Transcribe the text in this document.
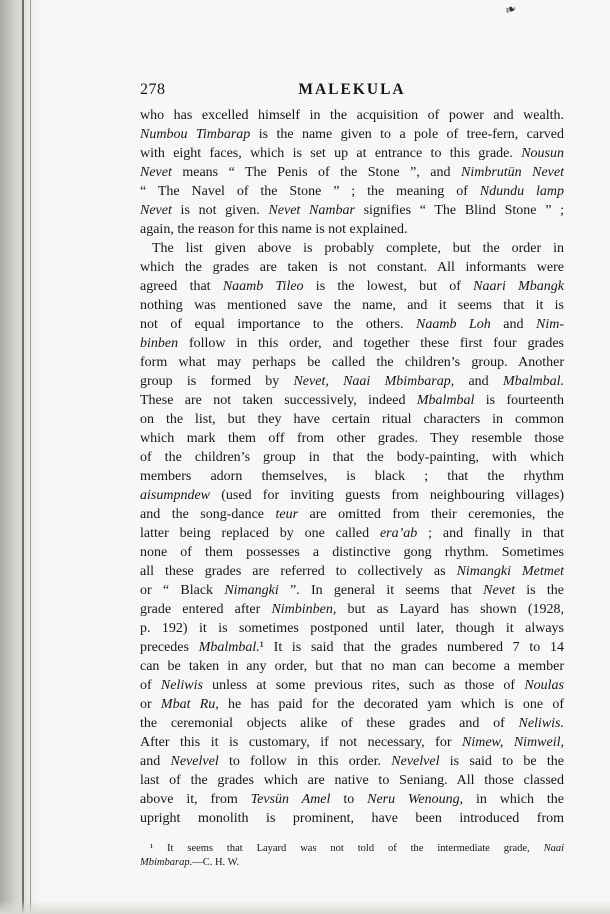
❧
278	MALEKULA
who has excelled himself in the acquisition of power and wealth.
Numbou Timbarap is the name given to a pole of tree-fern, carved
with eight faces, which is set up at entrance to this grade. Nousun
Nevet means “ The Penis of the Stone ”, and Nimbrutün Nevet
“ The Navel of the Stone ” ; the meaning of Ndundu lamp
Nevet is not given. Nevet Nambar signifies “ The Blind Stone ” ;
again, the reason for this name is not explained.
The list given above is probably complete, but the order in
which the grades are taken is not constant. All informants were
agreed that Naamb Tileo is the lowest, but of Naari Mbangk
nothing was mentioned save the name, and it seems that it is
not of equal importance to the others. Naamb Loh and Nim-
binben follow in this order, and together these first four grades
form what may perhaps be called the children’s group. Another
group is formed by Nevet, Naai Mbimbarap, and Mbalmbal.
These are not taken successively, indeed Mbalmbal is fourteenth
on the list, but they have certain ritual characters in common
which mark them off from other grades. They resemble those
of the children’s group in that the body-painting, with which
members adorn themselves, is black ; that the rhythm
aisumpndew (used for inviting guests from neighbouring villages)
and the song-dance teur are omitted from their ceremonies, the
latter being replaced by one called era’ab ; and finally in that
none of them possesses a distinctive gong rhythm. Sometimes
all these grades are referred to collectively as Nimangki Metmet
or “ Black Nimangki ”. In general it seems that Nevet is the
grade entered after Nimbinben, but as Layard has shown (1928,
p. 192) it is sometimes postponed until later, though it always
precedes Mbalmbal.¹ It is said that the grades numbered 7 to 14
can be taken in any order, but that no man can become a member
of Neliwis unless at some previous rites, such as those of Noulas
or Mbat Ru, he has paid for the decorated yam which is one of
the ceremonial objects alike of these grades and of Neliwis.
After this it is customary, if not necessary, for Nimew, Nimweil,
and Nevelvel to follow in this order. Nevelvel is said to be the
last of the grades which are native to Seniang. All those classed
above it, from Tevsün Amel to Neru Wenoung, in which the
upright monolith is prominent, have been introduced from
¹ It seems that Layard was not told of the intermediate grade, Naai
Mbimbarap.—C. H. W.
